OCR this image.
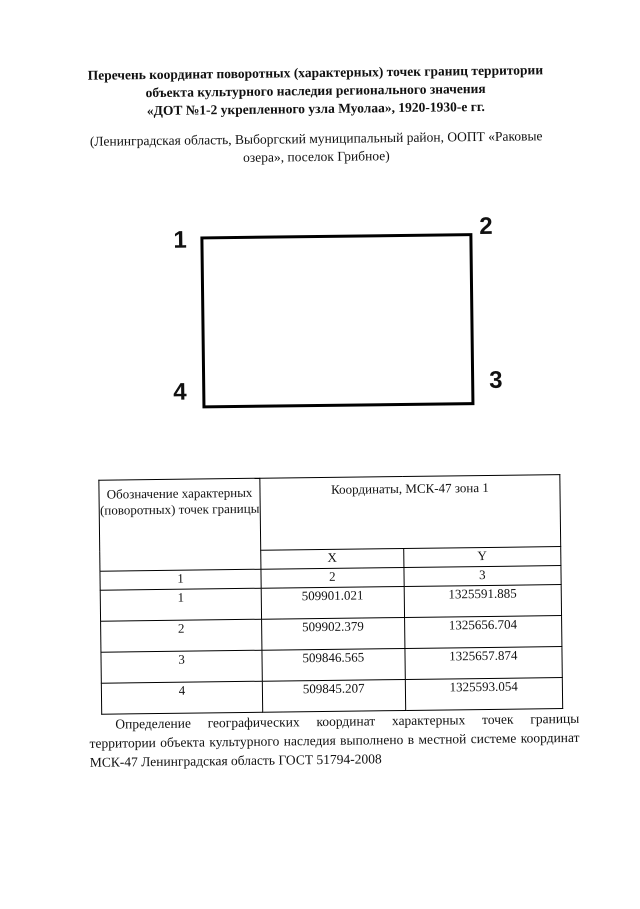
Перечень координат поворотных (характерных) точек границ территории
объекта культурного наследия регионального значения
«ДОТ №1-2 укрепленного узла Муолаа», 1920-1930-е гг.
(Ленинградская область, Выборгский муниципальный район, ООПТ «Раковые
озера», поселок Грибное)
1
2
3
4
Обозначение характерных (поворотных) точек границы	Координаты, МСК-47 зона 1	
	X	Y
1	2	3
1	509901.021	1325591.885
2	509902.379	1325656.704
3	509846.565	1325657.874
4	509845.207	1325593.054
Определение географических координат характерных точек границы
территории объекта культурного наследия выполнено в местной системе координат
МСК-47 Ленинградская область ГОСТ 51794-2008
